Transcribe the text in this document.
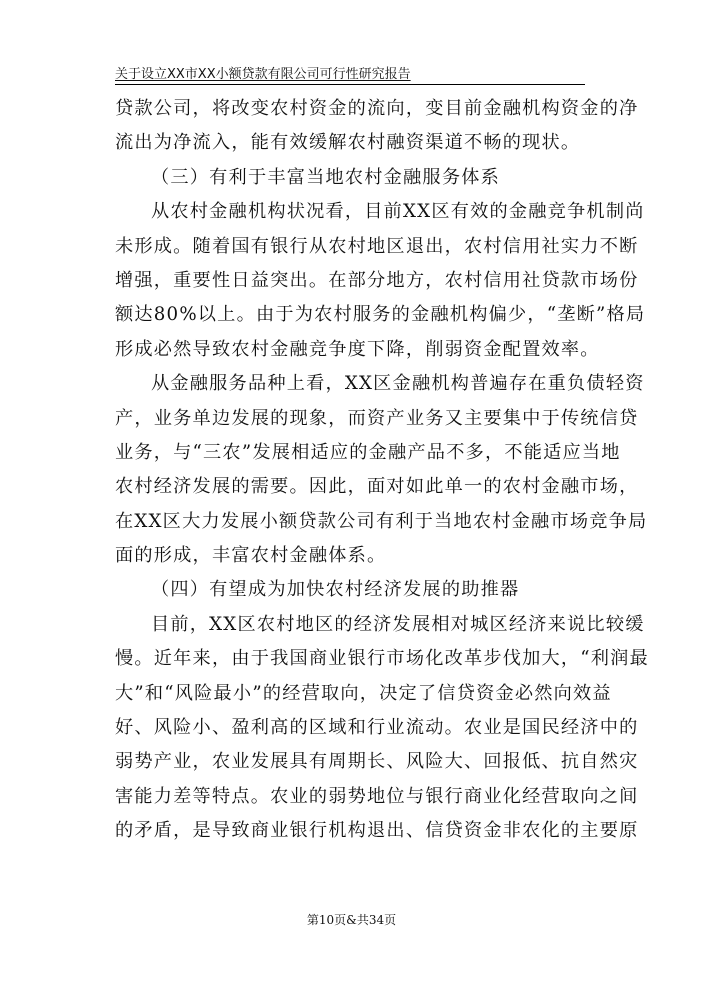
关于设立XX市XX小额贷款有限公司可行性研究报告
贷款公司，将改变农村资金的流向，变目前金融机构资金的净
流出为净流入，能有效缓解农村融资渠道不畅的现状。
（三）有利于丰富当地农村金融服务体系
从农村金融机构状况看，目前XX区有效的金融竞争机制尚
未形成。随着国有银行从农村地区退出，农村信用社实力不断
增强，重要性日益突出。在部分地方，农村信用社贷款市场份
额达80%以上。由于为农村服务的金融机构偏少，“垄断”格局
形成必然导致农村金融竞争度下降，削弱资金配置效率。
从金融服务品种上看，XX区金融机构普遍存在重负债轻资
产，业务单边发展的现象，而资产业务又主要集中于传统信贷
业务，与“三农”发展相适应的金融产品不多，不能适应当地
农村经济发展的需要。因此，面对如此单一的农村金融市场，
在XX区大力发展小额贷款公司有利于当地农村金融市场竞争局
面的形成，丰富农村金融体系。
（四）有望成为加快农村经济发展的助推器
目前，XX区农村地区的经济发展相对城区经济来说比较缓
慢。近年来，由于我国商业银行市场化改革步伐加大，“利润最
大”和“风险最小”的经营取向，决定了信贷资金必然向效益
好、风险小、盈利高的区域和行业流动。农业是国民经济中的
弱势产业，农业发展具有周期长、风险大、回报低、抗自然灾
害能力差等特点。农业的弱势地位与银行商业化经营取向之间
的矛盾，是导致商业银行机构退出、信贷资金非农化的主要原
第10页&共34页
